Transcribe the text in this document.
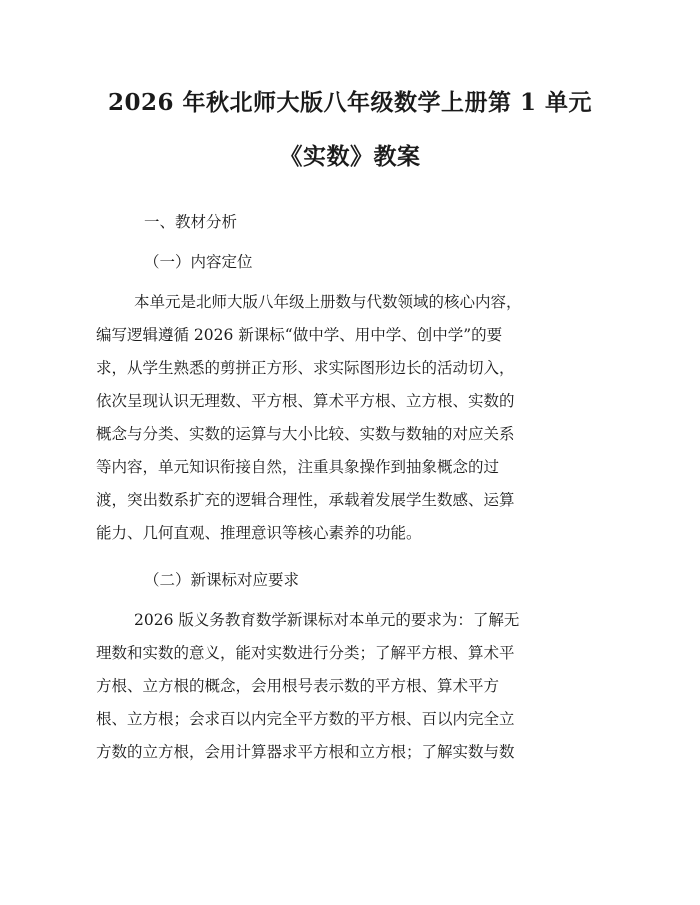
2026 年秋北师大版八年级数学上册第 1 单元
《实数》教案

一、教材分析

（一）内容定位

本单元是北师大版八年级上册数与代数领域的核心内容，
编写逻辑遵循 2026 新课标“做中学、用中学、创中学”的要
求，从学生熟悉的剪拼正方形、求实际图形边长的活动切入，
依次呈现认识无理数、平方根、算术平方根、立方根、实数的
概念与分类、实数的运算与大小比较、实数与数轴的对应关系
等内容，单元知识衔接自然，注重具象操作到抽象概念的过
渡，突出数系扩充的逻辑合理性，承载着发展学生数感、运算
能力、几何直观、推理意识等核心素养的功能。

（二）新课标对应要求

2026 版义务教育数学新课标对本单元的要求为：了解无
理数和实数的意义，能对实数进行分类；了解平方根、算术平
方根、立方根的概念，会用根号表示数的平方根、算术平方
根、立方根；会求百以内完全平方数的平方根、百以内完全立
方数的立方根，会用计算器求平方根和立方根；了解实数与数
